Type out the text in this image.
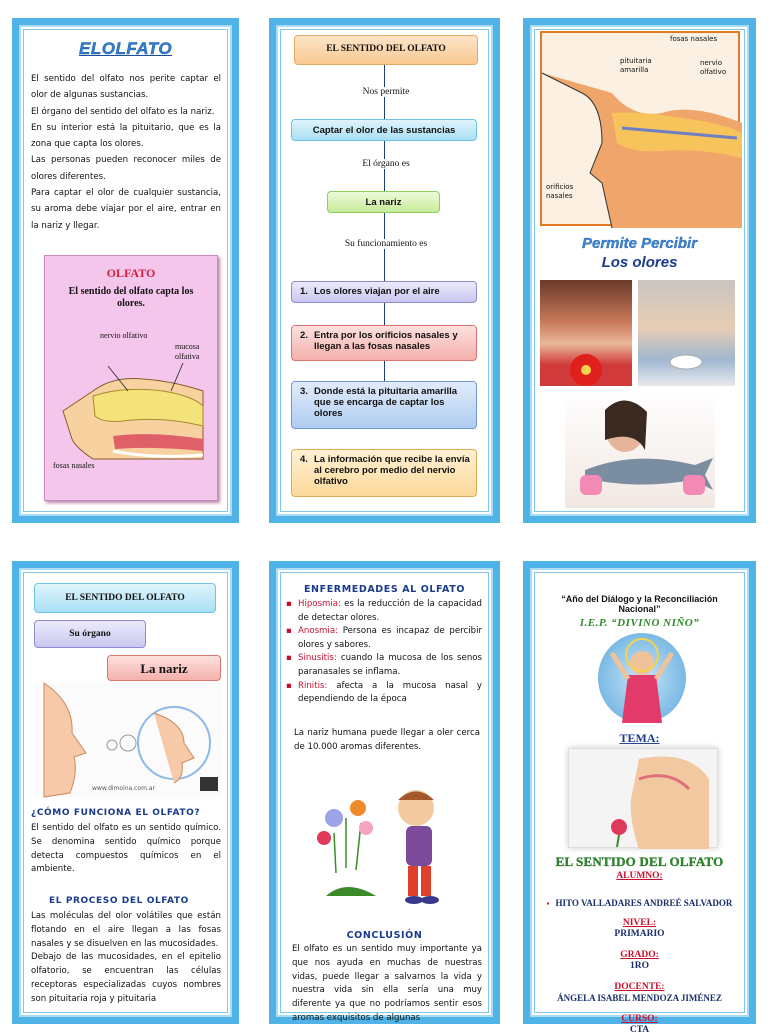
ELOLFATO
El sentido del olfato nos perite captar el olor de algunas sustancias.
El órgano del sentido del olfato es la nariz.
En su interior está la pituitario, que es la zona que capta los olores.
Las personas pueden reconocer miles de olores diferentes.
Para captar el olor de cualquier sustancia, su aroma debe viajar por el aire, entrar en la nariz y llegar.
OLFATO
El sentido del olfato capta los olores.
nervio olfativo
mucosa olfativa
fosas nasales
EL SENTIDO DEL OLFATO
Nos permite
Captar el olor de las sustancias
El órgano es
La nariz
Su funcionamiento es
1. Los olores viajan por el aire
2. Entra por los orificios nasales y llegan a las fosas nasales
3. Donde está la pituitaria amarilla que se encarga de captar los olores
4. La información que recibe la envía al cerebro por medio del nervio olfativo
fosas nasales
pituitaria amarilla
nervio olfativo
orificios nasales
Permite Percibir
Los olores
EL SENTIDO DEL OLFATO
Su órgano
La nariz
www.dimoina.com.ar
¿CÓMO FUNCIONA EL OLFATO?
El sentido del olfato es un sentido químico. Se denomina sentido químico porque detecta compuestos químicos en el ambiente.
EL PROCESO DEL OLFATO
Las moléculas del olor volátiles que están flotando en el aire llegan a las fosas nasales y se disuelven en las mucosidades.
Debajo de las mucosidades, en el epitelio olfatorio, se encuentran las células receptoras especializadas cuyos nombres son pituitaria roja y pituitaria
ENFERMEDADES AL OLFATO
▪ Hiposmia: es la reducción de la capacidad de detectar olores.
▪ Anosmia: Persona es incapaz de percibir olores y sabores.
▪ Sinusitis: cuando la mucosa de los senos paranasales se inflama.
▪ Rinitis: afecta a la mucosa nasal y dependiendo de la época
La nariz humana puede llegar a oler cerca de 10.000 aromas diferentes.
CONCLUSIÓN
El olfato es un sentido muy importante ya que nos ayuda en muchas de nuestras vidas, puede llegar a salvarnos la vida y nuestra vida sin ella sería una muy diferente ya que no podríamos sentir esos aromas exquisitos de algunas
“Año del Diálogo y la Reconciliación Nacional”
I.E.P. “DIVINO NIÑO”
TEMA:
EL SENTIDO DEL OLFATO
ALUMNO:
▪ HITO VALLADARES ANDREÉ SALVADOR
NIVEL:
PRIMARIO
GRADO:
1RO
DOCENTE:
ÁNGELA ISABEL MENDOZA JIMÉNEZ
CURSO:
CTA
